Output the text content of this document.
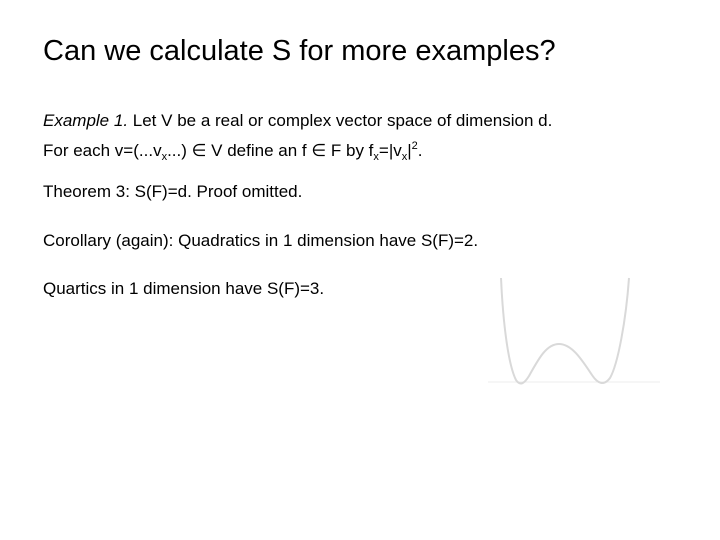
Can we calculate S for more examples?
Example 1. Let V be a real or complex vector space of dimension d.
For each $v=(...v_x...)$ ∈ V define an f ∈ F by $f_x=|v_x|^2$.
Theorem 3: S(F)=d. Proof omitted.
Corollary (again): Quadratics in 1 dimension have S(F)=2.
Quartics in 1 dimension have S(F)=3.
